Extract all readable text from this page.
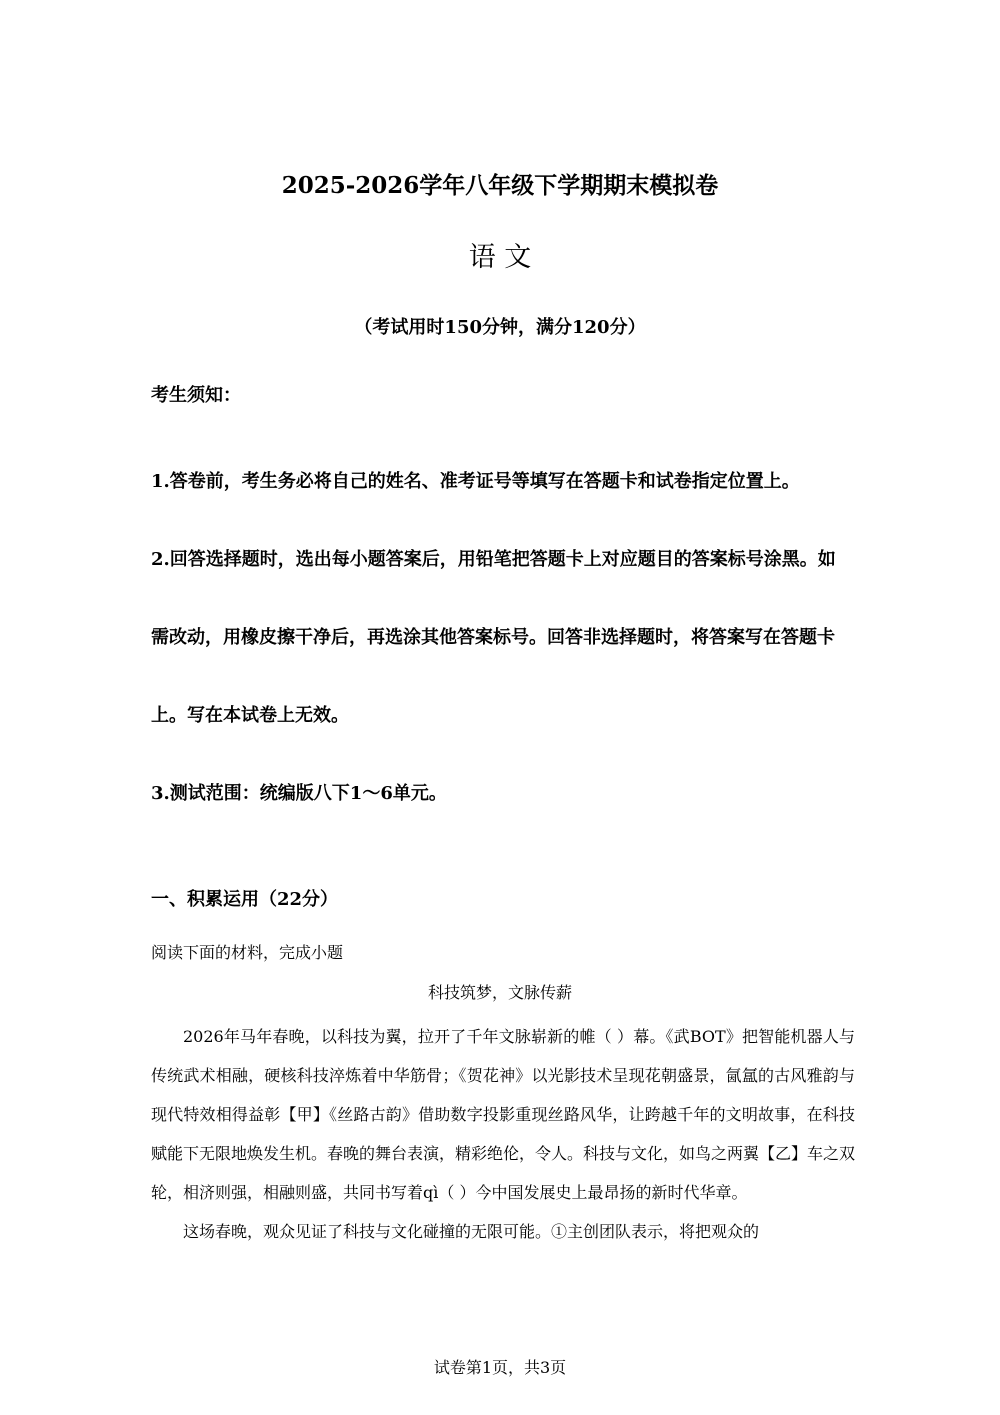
2025-2026学年八年级下学期期末模拟卷
语 文
（考试用时150分钟，满分120分）
考生须知：

1.答卷前，考生务必将自己的姓名、准考证号等填写在答题卡和试卷指定位置上。

2.回答选择题时，选出每小题答案后，用铅笔把答题卡上对应题目的答案标号涂黑。如需改动，用橡皮擦干净后，再选涂其他答案标号。回答非选择题时，将答案写在答题卡上。写在本试卷上无效。

3.测试范围：统编版八下1～6单元。

一、积累运用（22分）
阅读下面的材料，完成小题
科技筑梦，文脉传薪

2026年马年春晚，以科技为翼，拉开了千年文脉崭新的帷（ ）幕。《武BOT》把智能机器人与传统武术相融，硬核科技淬炼着中华筋骨；《贺花神》以光影技术呈现花朝盛景，氤氲的古风雅韵与现代特效相得益彰【甲】《丝路古韵》借助数字投影重现丝路风华，让跨越千年的文明故事，在科技赋能下无限地焕发生机。春晚的舞台表演，精彩绝伦，令人。科技与文化，如鸟之两翼【乙】车之双轮，相济则强，相融则盛，共同书写着qì（ ）今中国发展史上最昂扬的新时代华章。

这场春晚，观众见证了科技与文化碰撞的无限可能。①主创团队表示，将把观众的

试卷第1页，共3页
